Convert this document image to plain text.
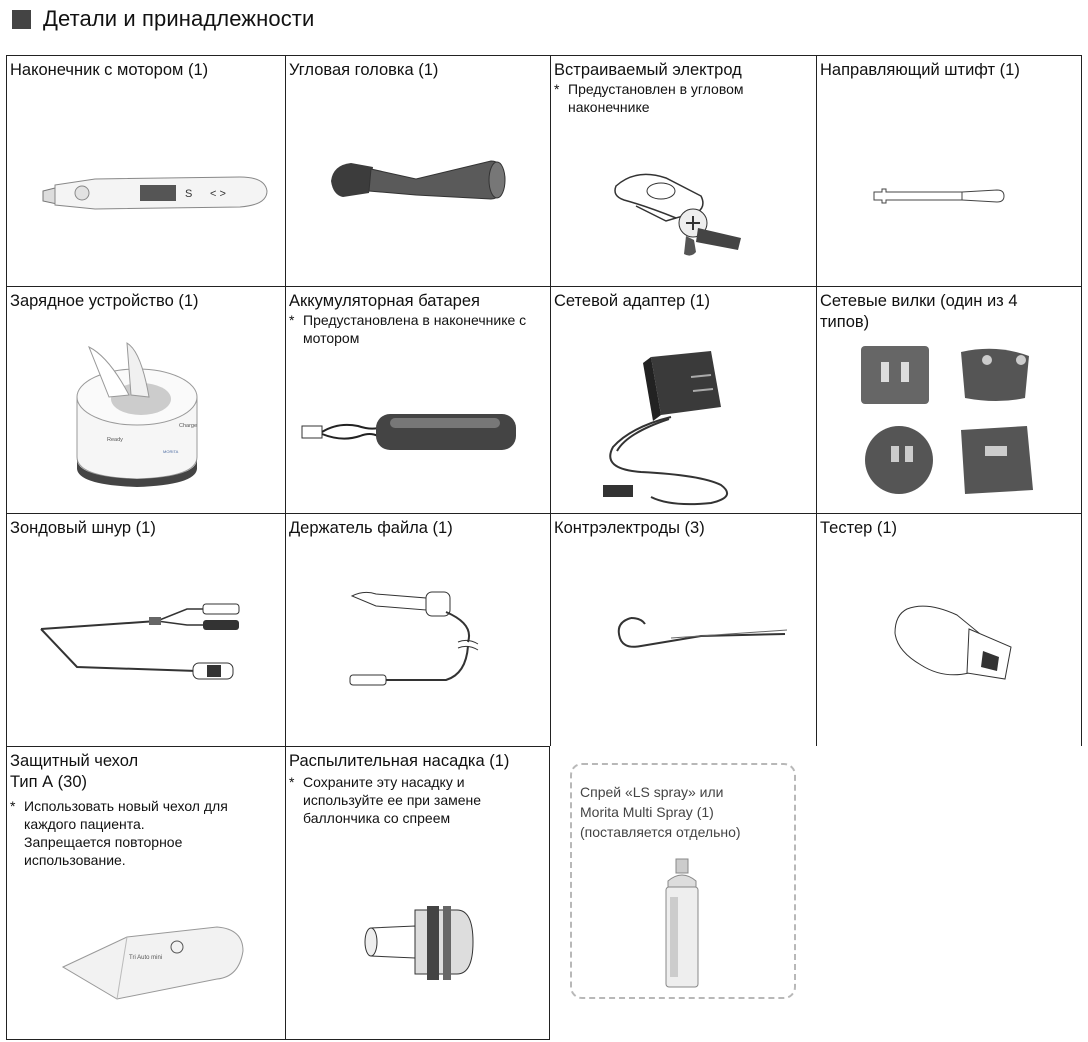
Детали и принадлежности
Наконечник с мотором (1)
S < >
Угловая головка (1)	Встраиваемый электрод
* Предустановлен в угловом
наконечнике
Направляющий штифт (1)
Зарядное устройство (1)
Ready
Charge
MORITA
Аккумуляторная батарея
* Предустановлена в наконечнике с
мотором
Сетевой адаптер (1)	Сетевые вилки (один из 4
типов)
Зондовый шнур (1)	Держатель файла (1)	Контрэлектроды (3)	Тестер (1)
Защитный чехол
Тип А (30)
* Использовать новый чехол для
каждого пациента.
Запрещается повторное
использование.
Tri Auto mini
Распылительная насадка (1)
* Сохраните эту насадку и
используйте ее при замене
баллончика со спреем
Спрей «LS spray» или
Morita Multi Spray (1)
(поставляется отдельно)
